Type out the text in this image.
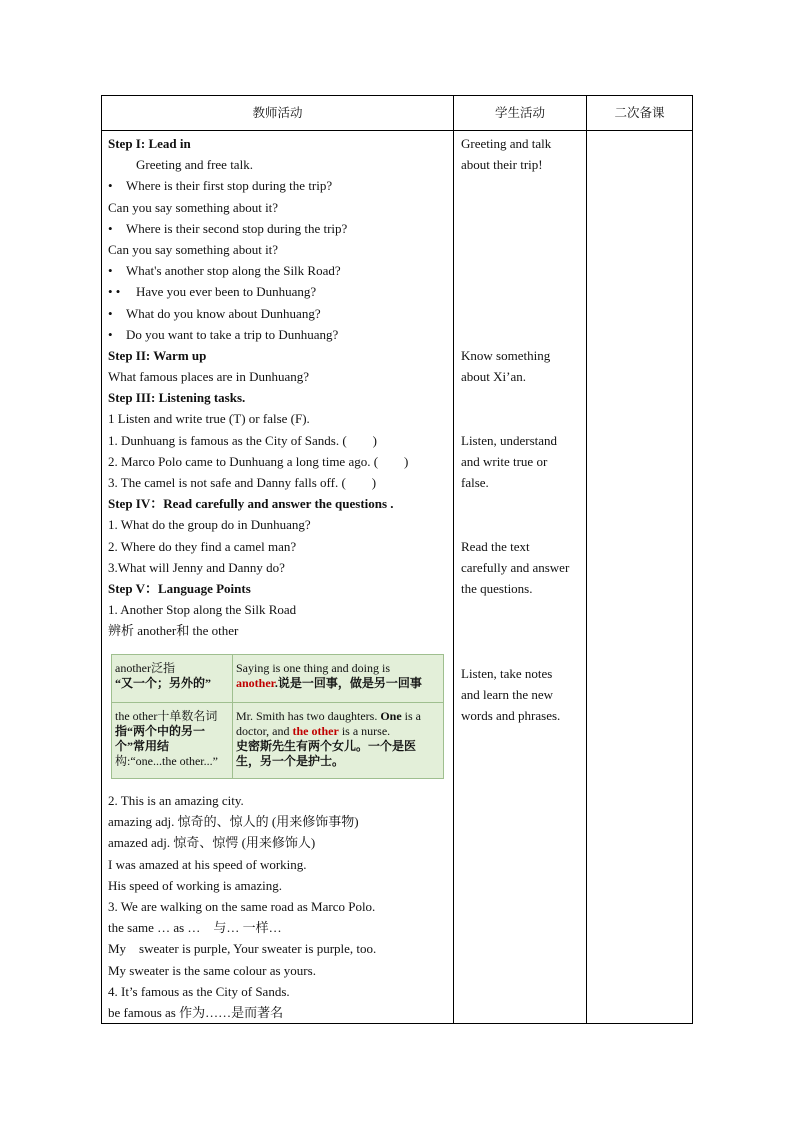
教师活动	学生活动	二次备课
Step I: Lead in
Greeting and free talk.
• Where is their first stop during the trip?
Can you say something about it?
• Where is their second stop during the trip?
Can you say something about it?
• What's another stop along the Silk Road?
• • Have you ever been to Dunhuang?
• What do you know about Dunhuang?
• Do you want to take a trip to Dunhuang?
Step II: Warm up
What famous places are in Dunhuang?
Step III: Listening tasks.
1 Listen and write true (T) or false (F).
1. Dunhuang is famous as the City of Sands. (        )
2. Marco Polo came to Dunhuang a long time ago. (        )
3. The camel is not safe and Danny falls off. (        )
Step IV：Read carefully and answer the questions .
1. What do the group do in Dunhuang?
2. Where do they find a camel man?
3.What will Jenny and Danny do?
Step V：Language Points
1. Another Stop along the Silk Road
辨析 another和 the other
another泛指
“又一个；另外的”
Saying is one thing and doing is
another.说是一回事，做是另一回事
the other十单数名词
指“两个中的另一
个”常用结
构:“one...the other...”
Mr. Smith has two daughters. One is a
doctor, and the other is a nurse.
史密斯先生有两个女儿。一个是医
生，另一个是护士。
2. This is an amazing city.
amazing adj. 惊奇的、惊人的 (用来修饰事物)
amazed adj. 惊奇、惊愕 (用来修饰人)
I was amazed at his speed of working.
His speed of working is amazing.
3. We are walking on the same road as Marco Polo.
the same … as …    与… 一样…
My    sweater is purple, Your sweater is purple, too.
My sweater is the same colour as yours.
4. It’s famous as the City of Sands.
be famous as 作为……是而著名
Greeting and talk
about their trip!
Know something
about Xi’an.
Listen, understand
and write true or
false.
Read the text
carefully and answer
the questions.
Listen, take notes
and learn the new
words and phrases.
